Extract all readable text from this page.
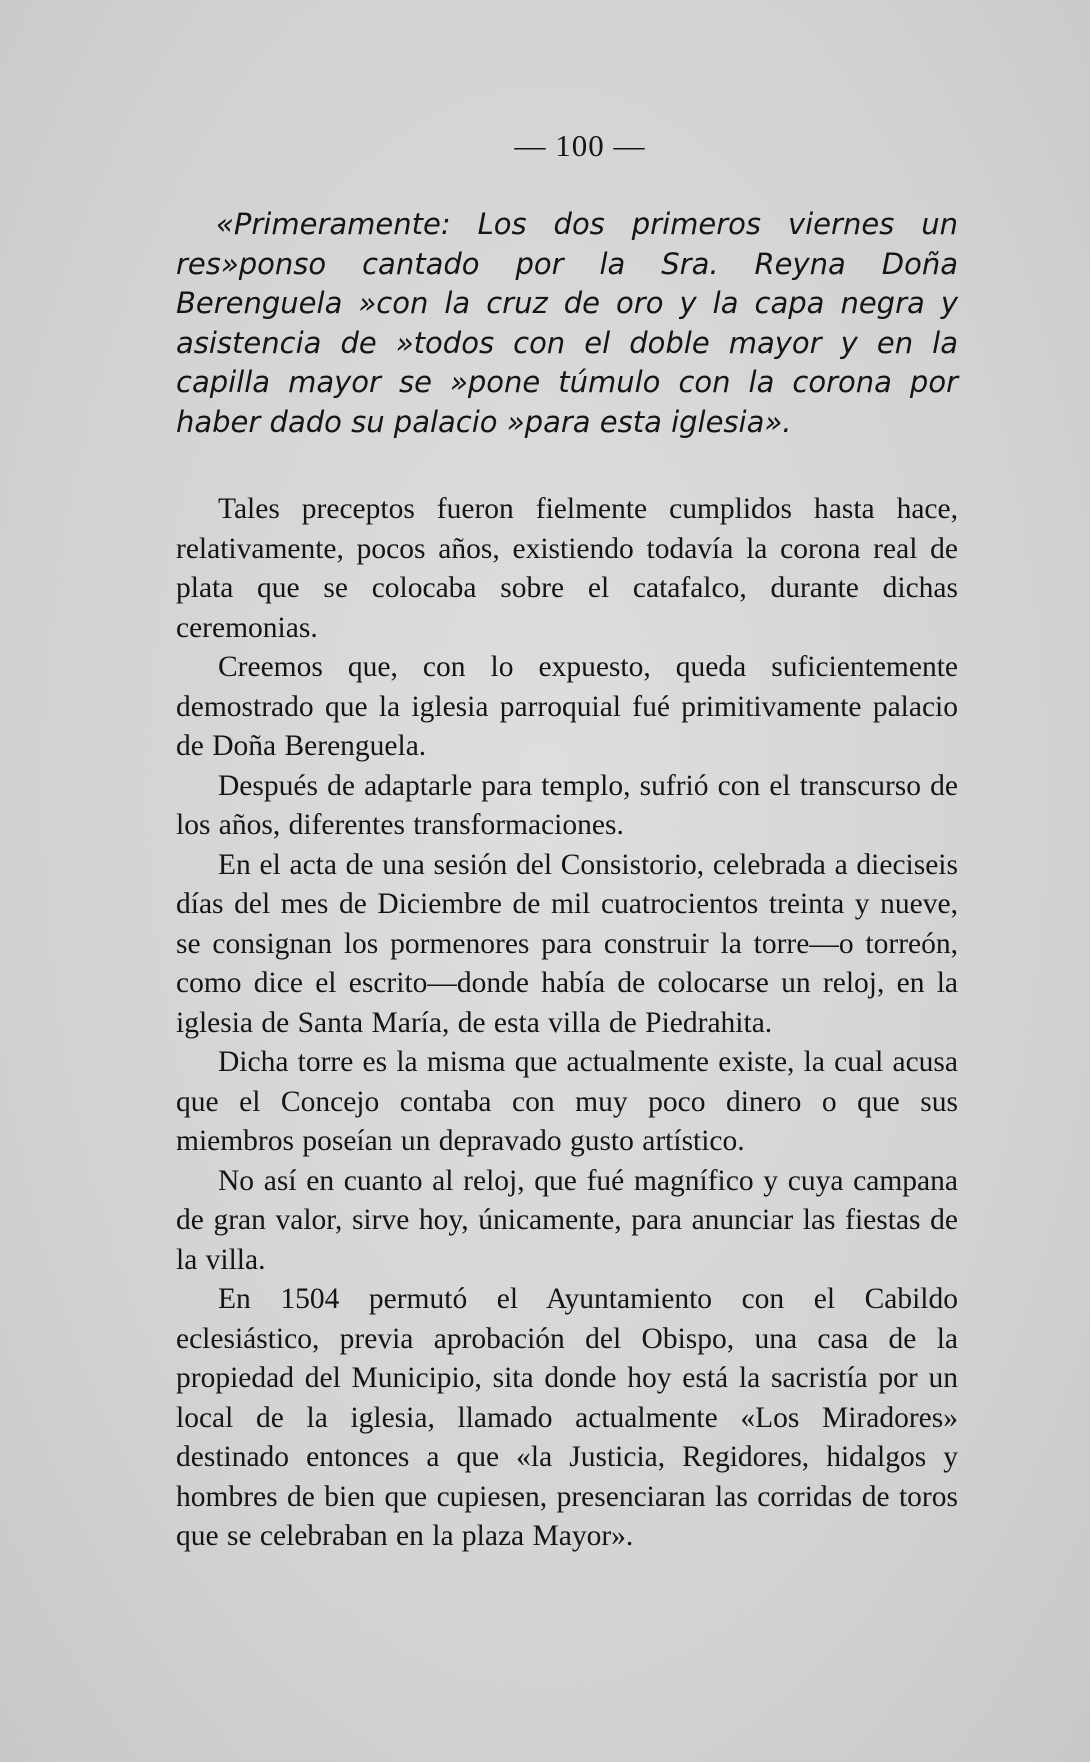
— 100 —

«Primeramente: Los dos primeros viernes un res»ponso cantado por la Sra. Reyna Doña Berenguela »con la cruz de oro y la capa negra y asistencia de »todos con el doble mayor y en la capilla mayor se »pone túmulo con la corona por haber dado su palacio »para esta iglesia».

Tales preceptos fueron fielmente cumplidos hasta hace, relativamente, pocos años, existiendo todavía la corona real de plata que se colocaba sobre el catafalco, durante dichas ceremonias.

Creemos que, con lo expuesto, queda suficientemente demostrado que la iglesia parroquial fué primitivamente palacio de Doña Berenguela.

Después de adaptarle para templo, sufrió con el transcurso de los años, diferentes transformaciones.

En el acta de una sesión del Consistorio, celebrada a dieciseis días del mes de Diciembre de mil cuatrocientos treinta y nueve, se consignan los pormenores para construir la torre—o torreón, como dice el escrito—donde había de colocarse un reloj, en la iglesia de Santa María, de esta villa de Piedrahita.

Dicha torre es la misma que actualmente existe, la cual acusa que el Concejo contaba con muy poco dinero o que sus miembros poseían un depravado gusto artístico.

No así en cuanto al reloj, que fué magnífico y cuya campana de gran valor, sirve hoy, únicamente, para anunciar las fiestas de la villa.

En 1504 permutó el Ayuntamiento con el Cabildo eclesiástico, previa aprobación del Obispo, una casa de la propiedad del Municipio, sita donde hoy está la sacristía por un local de la iglesia, llamado actualmente «Los Miradores» destinado entonces a que «la Justicia, Regidores, hidalgos y hombres de bien que cupiesen, presenciaran las corridas de toros que se celebraban en la plaza Mayor».
